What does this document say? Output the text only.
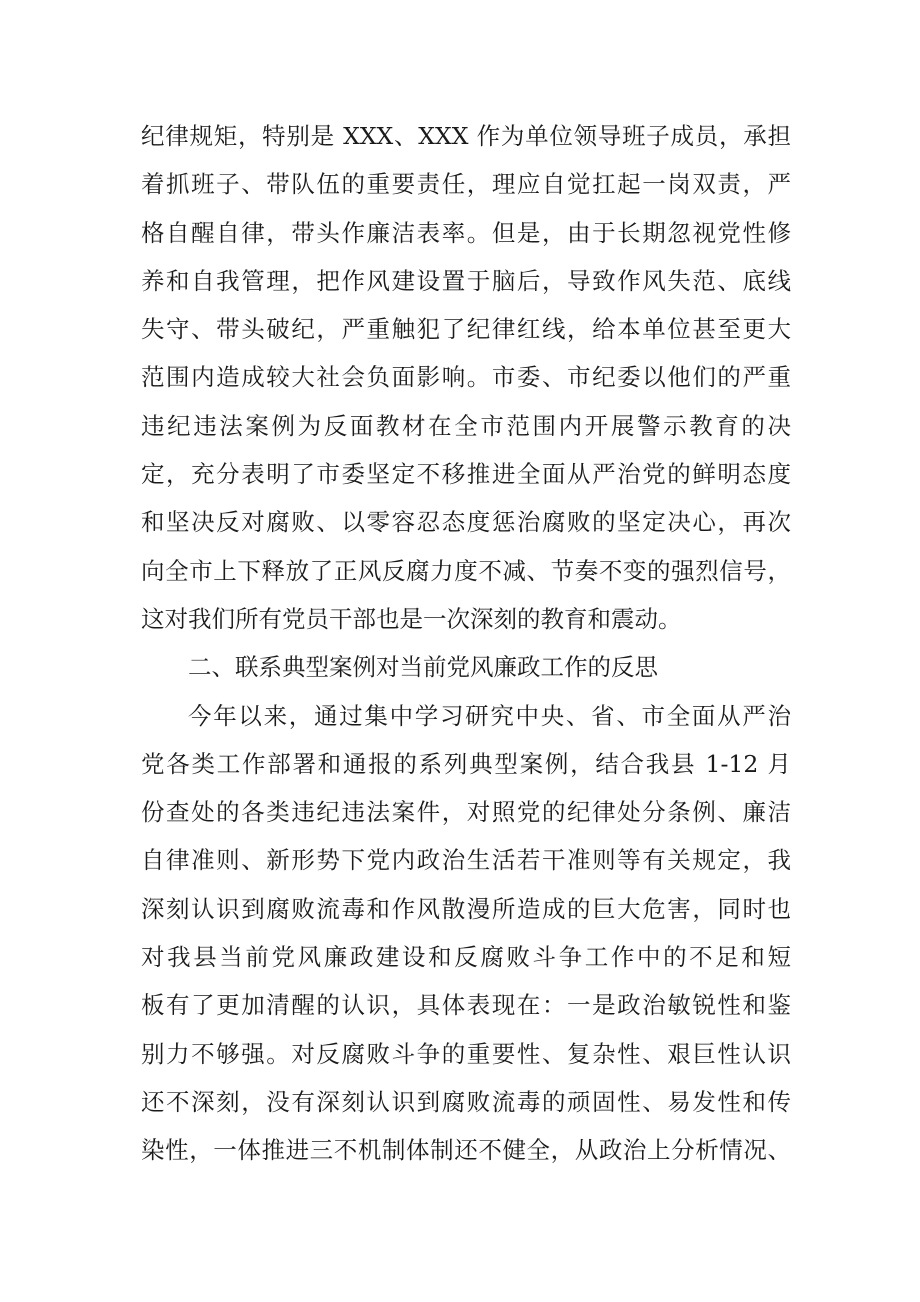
纪律规矩，特别是 XXX、XXX 作为单位领导班子成员，承担
着抓班子、带队伍的重要责任，理应自觉扛起一岗双责，严
格自醒自律，带头作廉洁表率。但是，由于长期忽视党性修
养和自我管理，把作风建设置于脑后，导致作风失范、底线
失守、带头破纪，严重触犯了纪律红线，给本单位甚至更大
范围内造成较大社会负面影响。市委、市纪委以他们的严重
违纪违法案例为反面教材在全市范围内开展警示教育的决
定，充分表明了市委坚定不移推进全面从严治党的鲜明态度
和坚决反对腐败、以零容忍态度惩治腐败的坚定决心，再次
向全市上下释放了正风反腐力度不减、节奏不变的强烈信号，
这对我们所有党员干部也是一次深刻的教育和震动。
二、联系典型案例对当前党风廉政工作的反思
今年以来，通过集中学习研究中央、省、市全面从严治
党各类工作部署和通报的系列典型案例，结合我县 1-12 月
份查处的各类违纪违法案件，对照党的纪律处分条例、廉洁
自律准则、新形势下党内政治生活若干准则等有关规定，我
深刻认识到腐败流毒和作风散漫所造成的巨大危害，同时也
对我县当前党风廉政建设和反腐败斗争工作中的不足和短
板有了更加清醒的认识，具体表现在：一是政治敏锐性和鉴
别力不够强。对反腐败斗争的重要性、复杂性、艰巨性认识
还不深刻，没有深刻认识到腐败流毒的顽固性、易发性和传
染性，一体推进三不机制体制还不健全，从政治上分析情况、
